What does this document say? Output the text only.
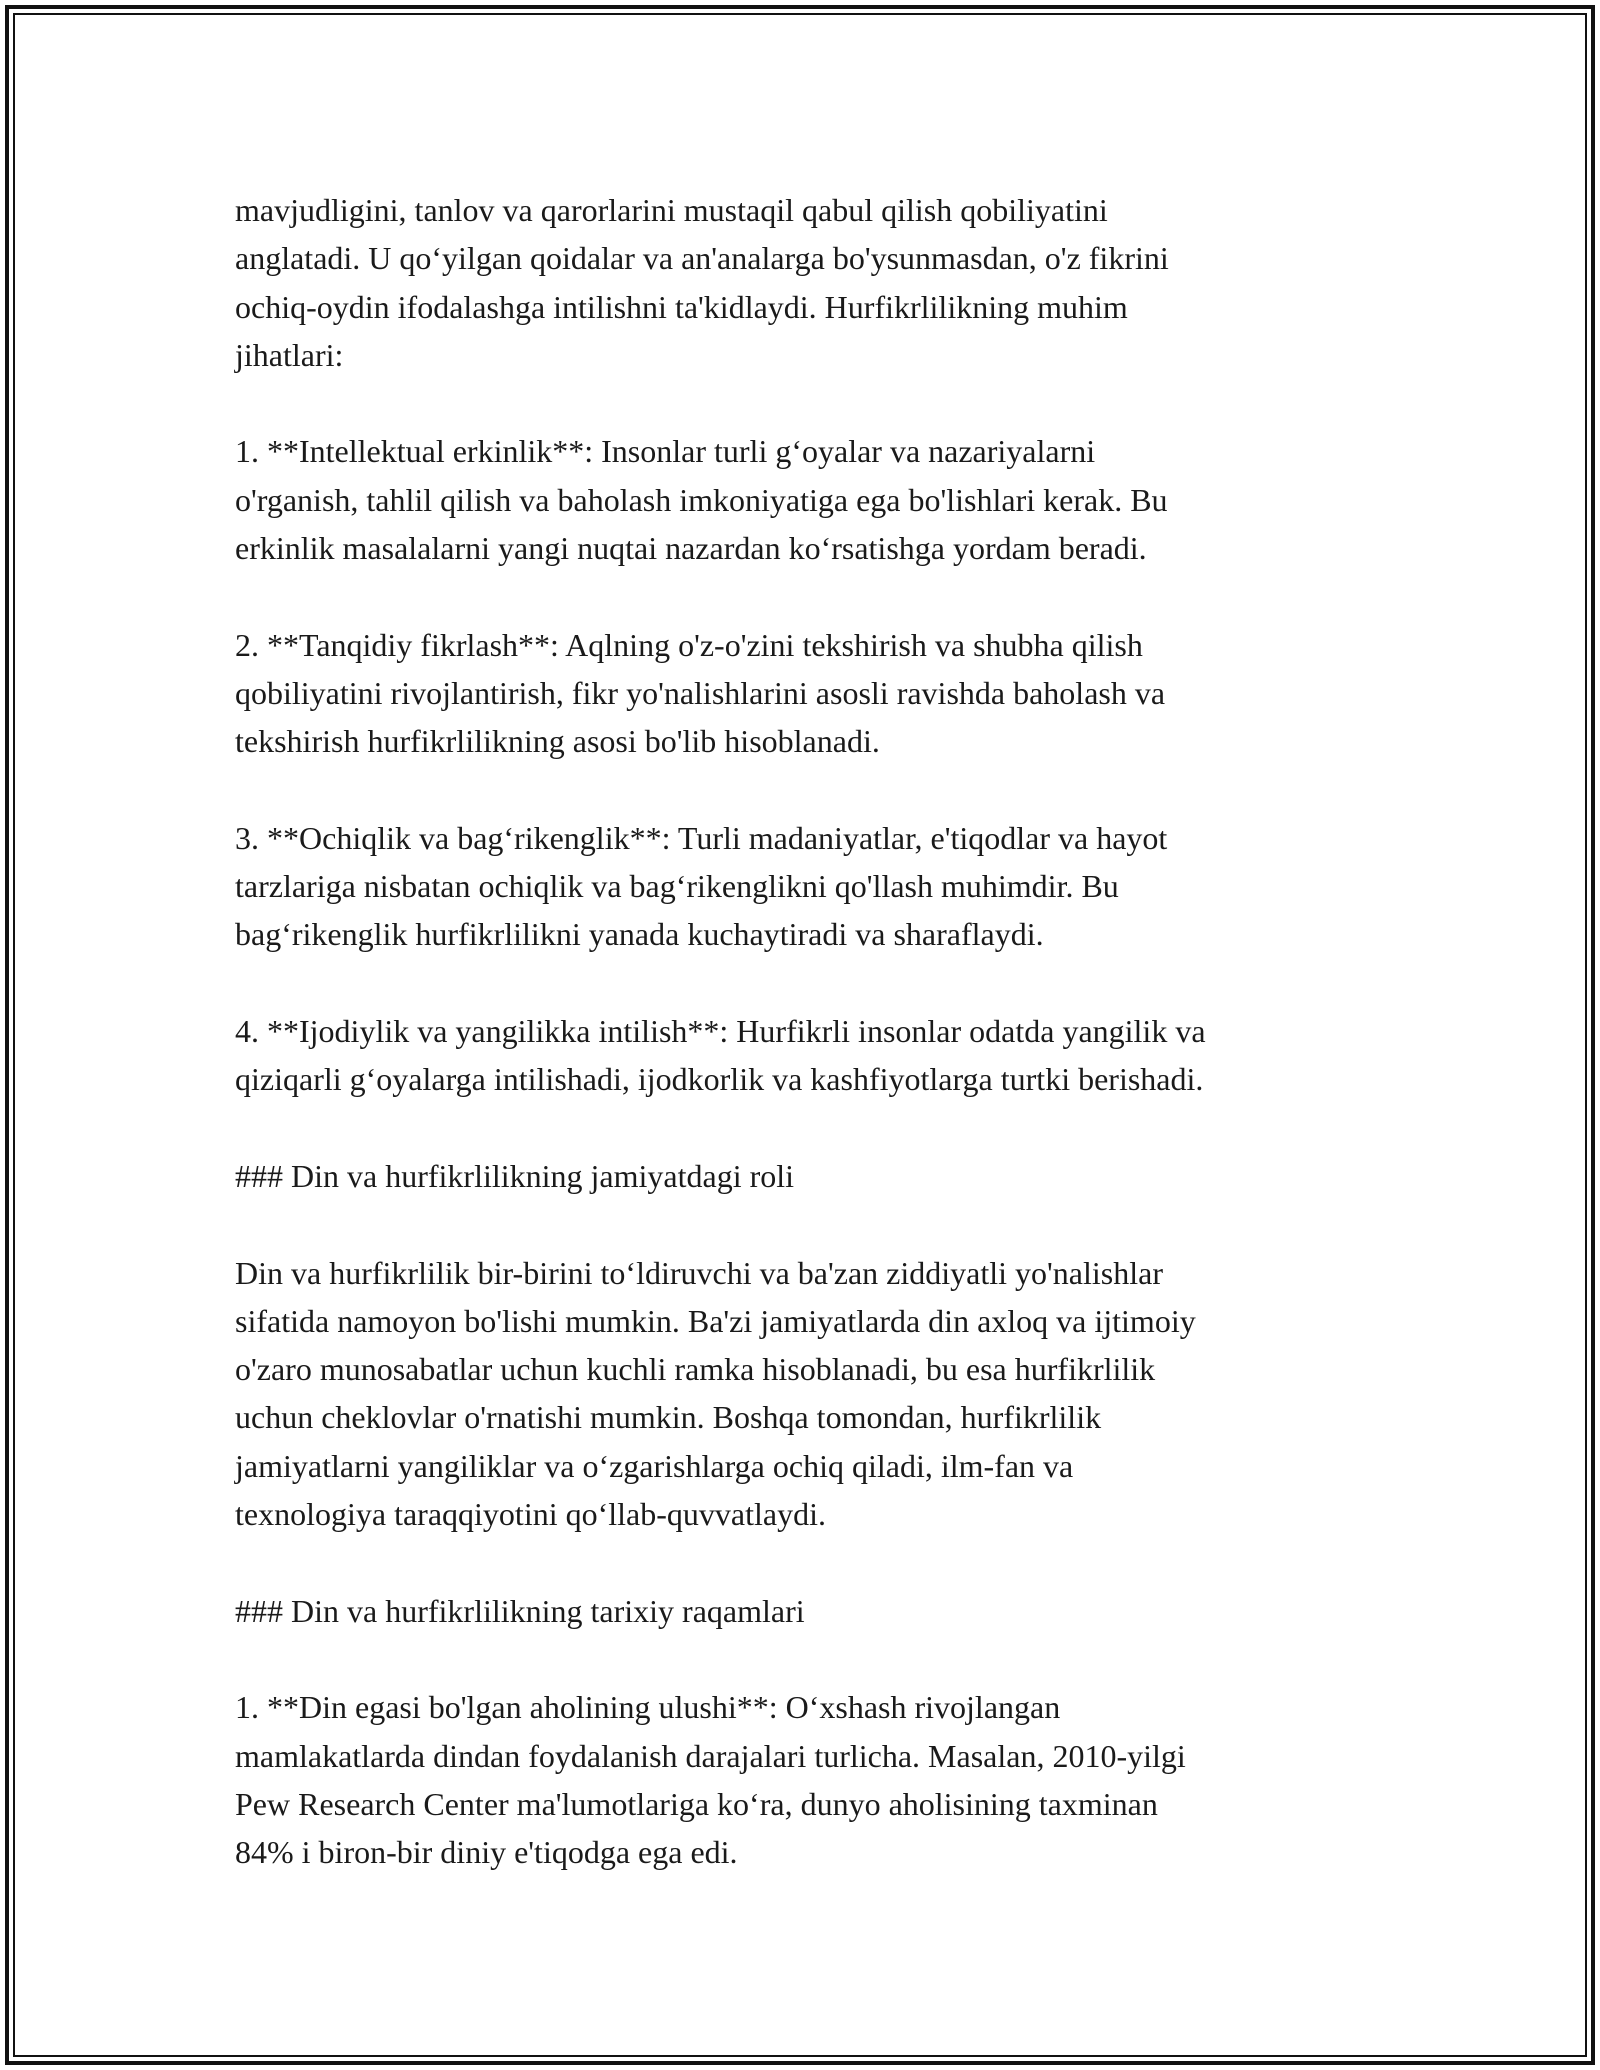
mavjudligini, tanlov va qarorlarini mustaqil qabul qilish qobiliyatini
anglatadi. U qo‘yilgan qoidalar va an'analarga bo'ysunmasdan, o'z fikrini
ochiq-oydin ifodalashga intilishni ta'kidlaydi. Hurfikrlilikning muhim
jihatlari:
1. **Intellektual erkinlik**: Insonlar turli g‘oyalar va nazariyalarni
o'rganish, tahlil qilish va baholash imkoniyatiga ega bo'lishlari kerak. Bu
erkinlik masalalarni yangi nuqtai nazardan ko‘rsatishga yordam beradi.
2. **Tanqidiy fikrlash**: Aqlning o'z-o'zini tekshirish va shubha qilish
qobiliyatini rivojlantirish, fikr yo'nalishlarini asosli ravishda baholash va
tekshirish hurfikrlilikning asosi bo'lib hisoblanadi.
3. **Ochiqlik va bag‘rikenglik**: Turli madaniyatlar, e'tiqodlar va hayot
tarzlariga nisbatan ochiqlik va bag‘rikenglikni qo'llash muhimdir. Bu
bag‘rikenglik hurfikrlilikni yanada kuchaytiradi va sharaflaydi.
4. **Ijodiylik va yangilikka intilish**: Hurfikrli insonlar odatda yangilik va
qiziqarli g‘oyalarga intilishadi, ijodkorlik va kashfiyotlarga turtki berishadi.
### Din va hurfikrlilikning jamiyatdagi roli
Din va hurfikrlilik bir-birini to‘ldiruvchi va ba'zan ziddiyatli yo'nalishlar
sifatida namoyon bo'lishi mumkin. Ba'zi jamiyatlarda din axloq va ijtimoiy
o'zaro munosabatlar uchun kuchli ramka hisoblanadi, bu esa hurfikrlilik
uchun cheklovlar o'rnatishi mumkin. Boshqa tomondan, hurfikrlilik
jamiyatlarni yangiliklar va o‘zgarishlarga ochiq qiladi, ilm-fan va
texnologiya taraqqiyotini qo‘llab-quvvatlaydi.
### Din va hurfikrlilikning tarixiy raqamlari
1. **Din egasi bo'lgan aholining ulushi**: O‘xshash rivojlangan
mamlakatlarda dindan foydalanish darajalari turlicha. Masalan, 2010-yilgi
Pew Research Center ma'lumotlariga ko‘ra, dunyo aholisining taxminan
84% i biron-bir diniy e'tiqodga ega edi.
